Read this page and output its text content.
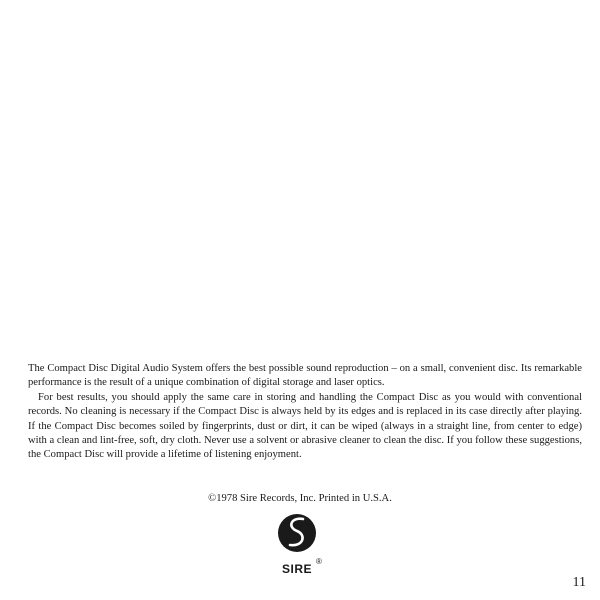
The Compact Disc Digital Audio System offers the best possible sound reproduction – on a small, convenient disc. Its remarkable performance is the result of a unique combination of digital storage and laser optics.

For best results, you should apply the same care in storing and handling the Compact Disc as you would with conventional records. No cleaning is necessary if the Compact Disc is always held by its edges and is replaced in its case directly after playing. If the Compact Disc becomes soiled by fingerprints, dust or dirt, it can be wiped (always in a straight line, from center to edge) with a clean and lint-free, soft, dry cloth. Never use a solvent or abrasive cleaner to clean the disc. If you follow these suggestions, the Compact Disc will provide a lifetime of listening enjoyment.

©1978 Sire Records, Inc. Printed in U.S.A.
SIRE
®
11
